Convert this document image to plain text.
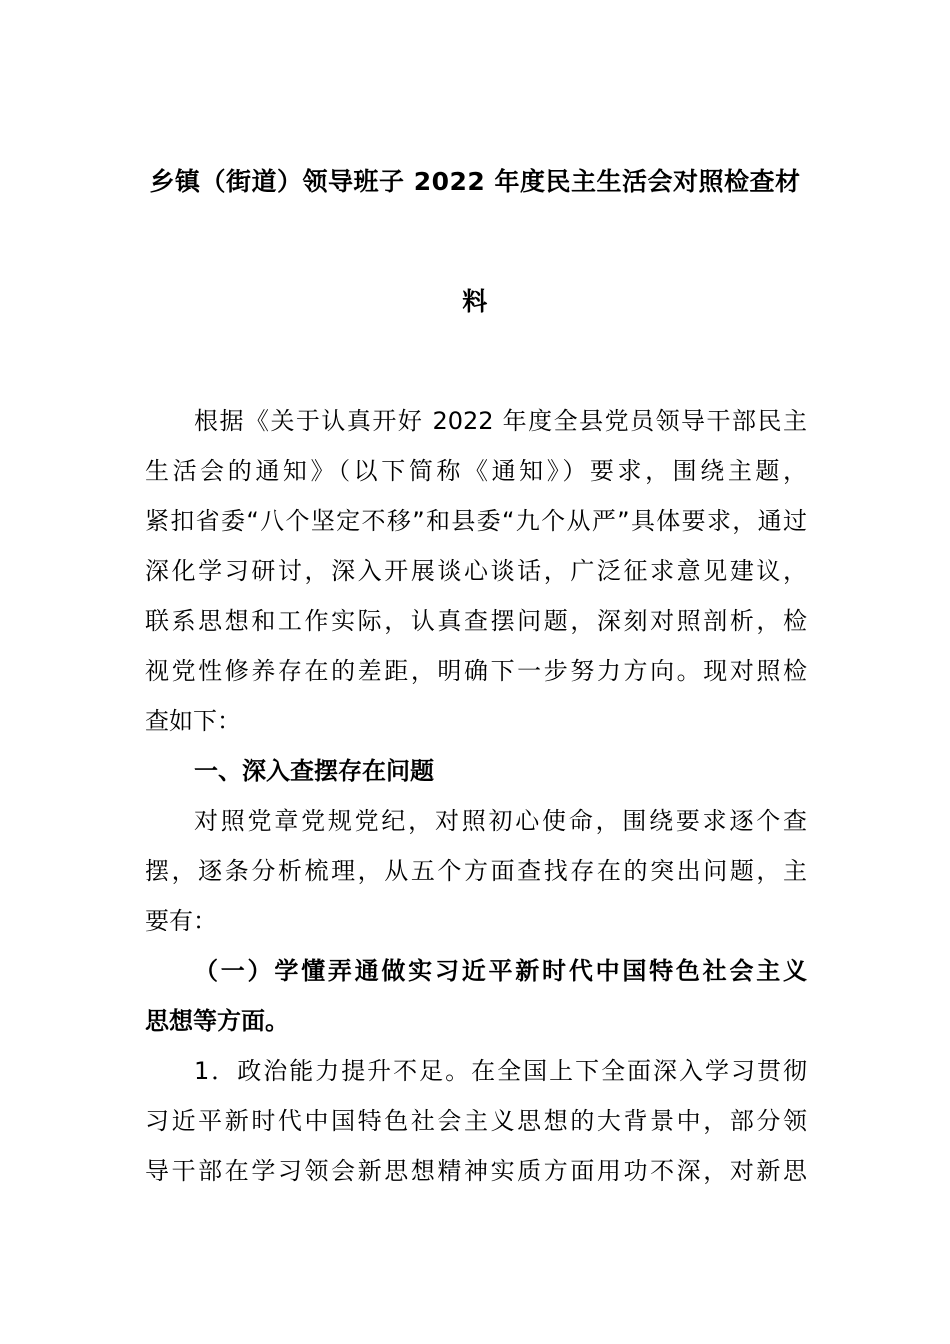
乡镇（街道）领导班子 2022 年度民主生活会对照检查材
料
根据《关于认真开好 2022 年度全县党员领导干部民主
生活会的通知》（以下简称《通知》）要求，围绕主题，
紧扣省委“八个坚定不移”和县委“九个从严”具体要求，通过
深化学习研讨，深入开展谈心谈话，广泛征求意见建议，
联系思想和工作实际，认真查摆问题，深刻对照剖析，检
视党性修养存在的差距，明确下一步努力方向。现对照检
查如下：
一、深入查摆存在问题
对照党章党规党纪，对照初心使命，围绕要求逐个查
摆，逐条分析梳理，从五个方面查找存在的突出问题，主
要有：
（一）学懂弄通做实习近平新时代中国特色社会主义
思想等方面。
1．政治能力提升不足。在全国上下全面深入学习贯彻
习近平新时代中国特色社会主义思想的大背景中，部分领
导干部在学习领会新思想精神实质方面用功不深，对新思
